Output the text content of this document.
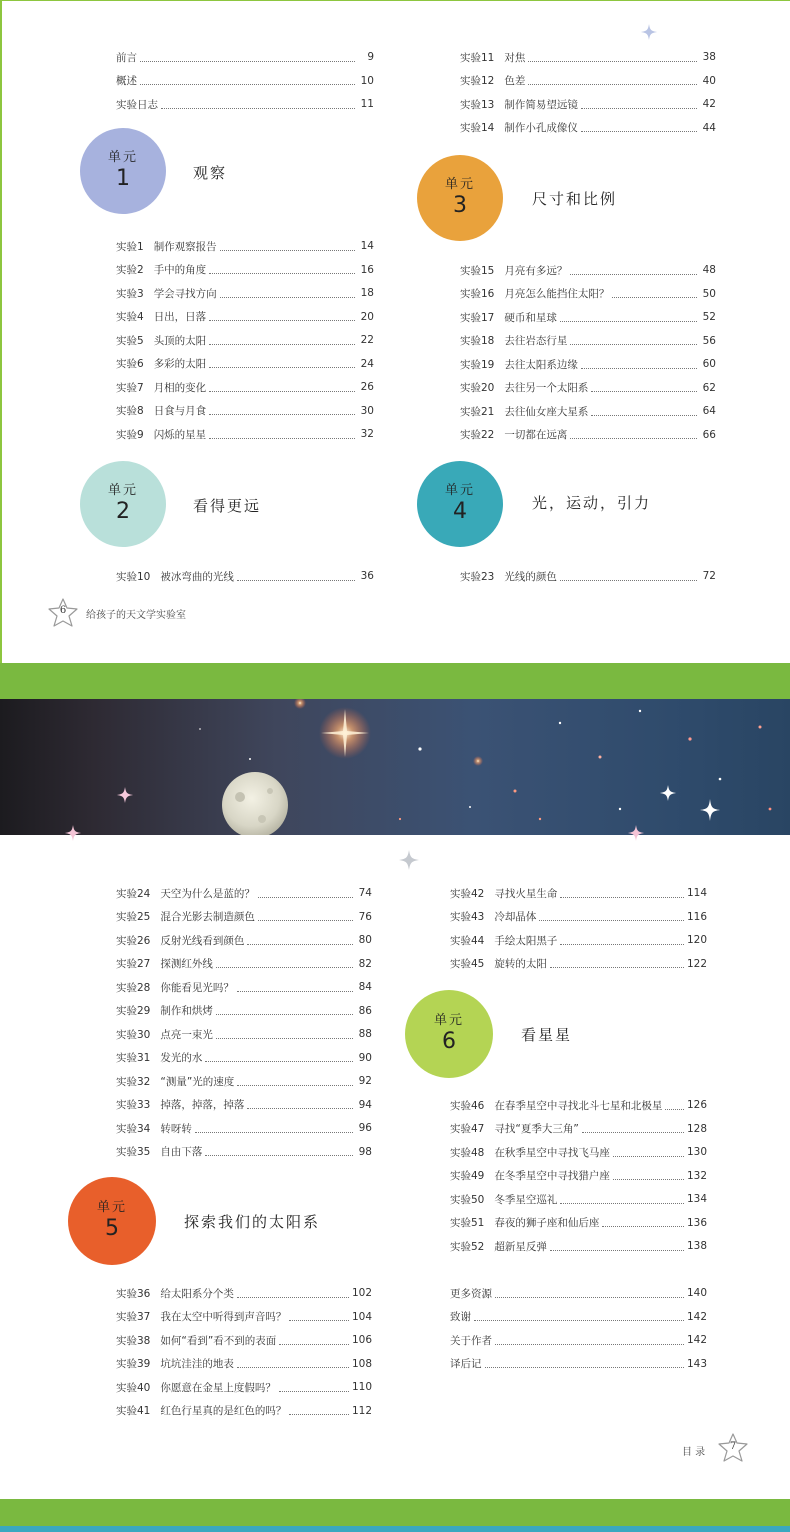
前言	9
概述	10
实验日志	11
实验1 制作观察报告	14
实验2 手中的角度	16
实验3 学会寻找方向	18
实验4 日出，日落	20
实验5 头顶的太阳	22
实验6 多彩的太阳	24
实验7 月相的变化	26
实验8 日食与月食	30
实验9 闪烁的星星	32
实验10 被冰弯曲的光线	36
实验11 对焦	38
实验12 色差	40
实验13 制作简易望远镜	42
实验14 制作小孔成像仪	44
实验15 月亮有多远？	48
实验16 月亮怎么能挡住太阳？	50
实验17 硬币和星球	52
实验18 去往岩态行星	56
实验19 去往太阳系边缘	60
实验20 去往另一个太阳系	62
实验21 去往仙女座大星系	64
实验22 一切都在远离	66
实验23 光线的颜色	72
单元
1	观察
单元
2	看得更远
单元
3	尺寸和比例
单元
4	光，运动，引力
6	给孩子的天文学实验室
实验24 天空为什么是蓝的？	74
实验25 混合光影去制造颜色	76
实验26 反射光线看到颜色	80
实验27 探测红外线	82
实验28 你能看见光吗？	84
实验29 制作和烘烤	86
实验30 点亮一束光	88
实验31 发光的水	90
实验32 “测量”光的速度	92
实验33 掉落，掉落，掉落	94
实验34 转呀转	96
实验35 自由下落	98
实验36 给太阳系分个类	102
实验37 我在太空中听得到声音吗？	104
实验38 如何“看到”看不到的表面	106
实验39 坑坑洼洼的地表	108
实验40 你愿意在金星上度假吗？	110
实验41 红色行星真的是红色的吗？	112
实验42 寻找火星生命	114
实验43 冷却晶体	116
实验44 手绘太阳黑子	120
实验45 旋转的太阳	122
实验46 在春季星空中寻找北斗七星和北极星 126
实验47 寻找“夏季大三角”	128
实验48 在秋季星空中寻找飞马座	130
实验49 在冬季星空中寻找猎户座	132
实验50 冬季星空巡礼	134
实验51 春夜的狮子座和仙后座	136
实验52 超新星反弹	138
更多资源	140
致谢	142
关于作者	142
译后记	143
单元
5	探索我们的太阳系
单元
6	看星星
目 录
7
